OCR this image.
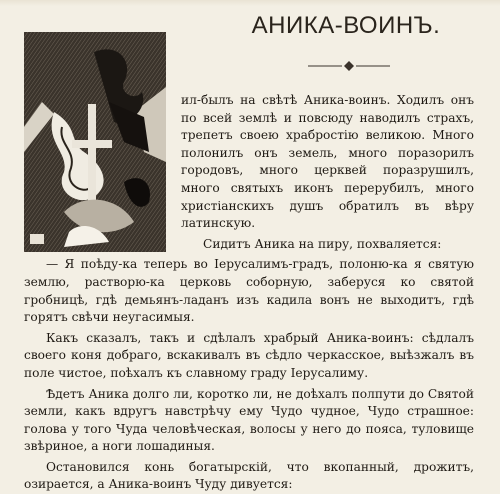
АНИКА-ВОИНЪ.

ил-былъ на свѣтѣ Аника-воинъ. Ходилъ онъ по всей землѣ и повсюду наводилъ страхъ, трепетъ своею храбростію великою. Много полонилъ онъ земель, много поразорилъ городовъ, много церквей поразрушилъ, много святыхъ иконъ перерубилъ, много христіанскихъ душъ обратилъ въ вѣру латинскую.

Сидитъ Аника на пиру, похваляется:

— Я поѣду-ка теперь во Іерусалимъ-градъ, полоню-ка я святую землю, растворю-ка церковь соборную, заберуся ко святой гробницѣ, гдѣ демьянъ-ладанъ изъ кадила вонъ не выходитъ, гдѣ горятъ свѣчи неугасимыя.

Какъ сказалъ, такъ и сдѣлалъ храбрый Аника-воинъ: сѣдлалъ своего коня добраго, вскакивалъ въ сѣдло черкасское, выѣзжалъ въ поле чистое, поѣхалъ къ славному граду Іерусалиму.

Ѣдетъ Аника долго ли, коротко ли, не доѣхалъ полпути до Святой земли, какъ вдругъ навстрѣчу ему Чудо чудное, Чудо страшное: голова у того Чуда человѣческая, волосы у него до пояса, туловище звѣриное, а ноги лошадиныя.

Остановился конь богатырскій, что вкопанный, дрожитъ, озирается, а Аника-воинъ Чуду дивуется:
